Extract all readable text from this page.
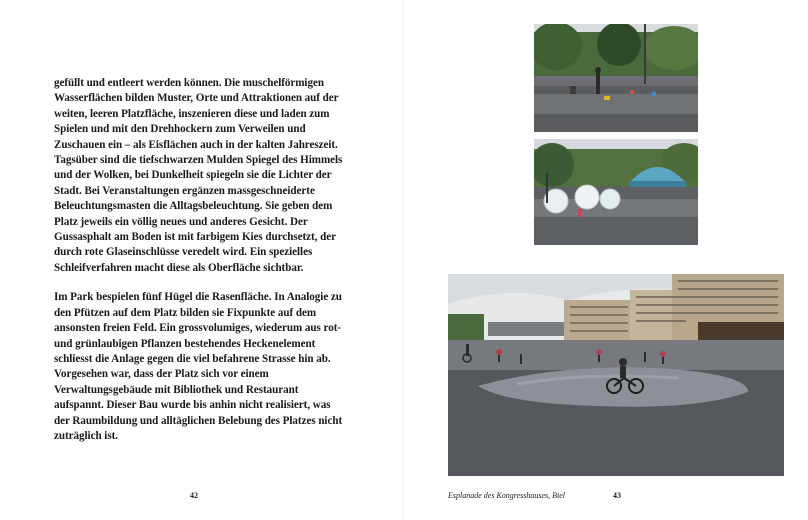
gefüllt und entleert werden können. Die muschelförmigen Wasserflächen bilden Muster, Orte und Attraktionen auf der weiten, leeren Platzfläche, inszenieren diese und laden zum Spielen und mit den Drehhockern zum Verweilen und Zuschauen ein – als Eisflächen auch in der kalten Jahreszeit. Tagsüber sind die tiefschwarzen Mulden Spiegel des Himmels und der Wolken, bei Dunkelheit spiegeln sie die Lichter der Stadt. Bei Veranstaltungen ergänzen massgeschneiderte Beleuchtungsmasten die Alltagsbeleuchtung. Sie geben dem Platz jeweils ein völlig neues und anderes Gesicht. Der Gussasphalt am Boden ist mit farbigem Kies durchsetzt, der durch rote Glaseinschlüsse veredelt wird. Ein spezielles Schleifverfahren macht diese als Oberfläche sichtbar.

Im Park bespielen fünf Hügel die Rasenfläche. In Analogie zu den Pfützen auf dem Platz bilden sie Fixpunkte auf dem ansonsten freien Feld. Ein grossvolumiges, wiederum aus rot- und grünlaubigen Pflanzen bestehendes Heckenelement schliesst die Anlage gegen die viel befahrene Strasse hin ab. Vorgesehen war, dass der Platz sich vor einem Verwaltungsgebäude mit Bibliothek und Restaurant aufspannt. Dieser Bau wurde bis anhin nicht realisiert, was der Raumbildung und alltäglichen Belebung des Platzes nicht zuträglich ist.

42	Esplanade des Kongresshauses, Biel	43
